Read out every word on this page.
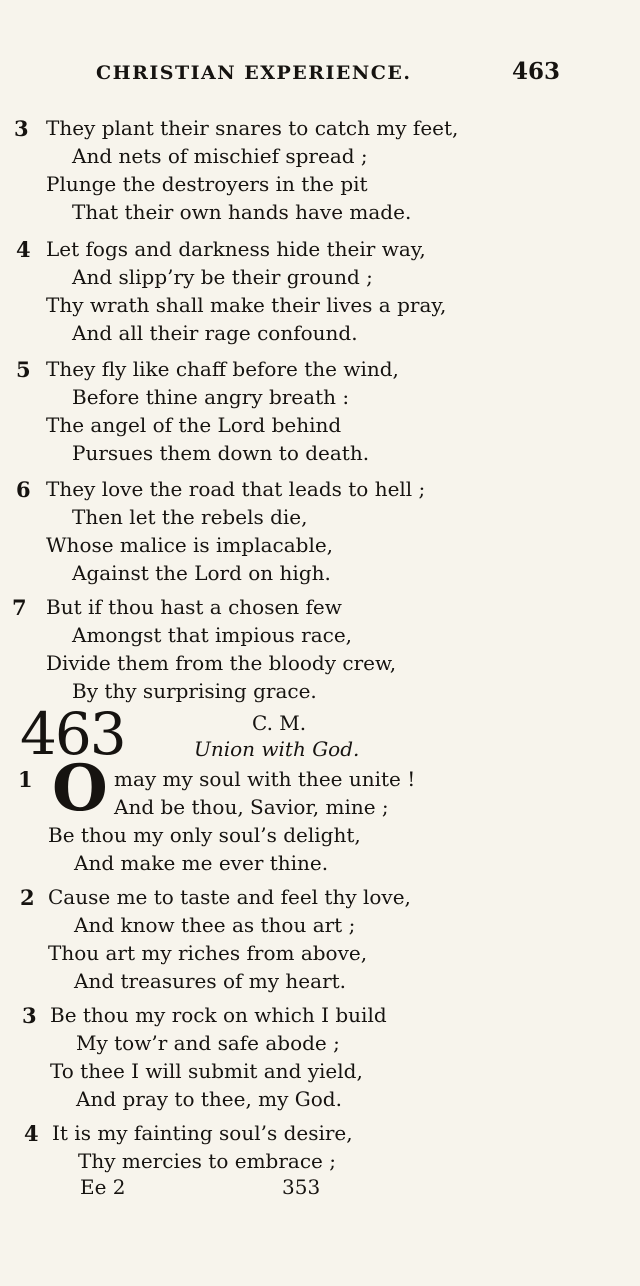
CHRISTIAN EXPERIENCE.	463
3 They plant their snares to catch my feet,
And nets of mischief spread ;
Plunge the destroyers in the pit
That their own hands have made.
4 Let fogs and darkness hide their way,
And slipp’ry be their ground ;
Thy wrath shall make their lives a pray,
And all their rage confound.
5 They fly like chaff before the wind,
Before thine angry breath :
The angel of the Lord behind
Pursues them down to death.
6 They love the road that leads to hell ;
Then let the rebels die,
Whose malice is implacable,
Against the Lord on high.
7 But if thou hast a chosen few
Amongst that impious race,
Divide them from the bloody crew,
By thy surprising grace.
463	C. M.
Union with God.
1 O may my soul with thee unite !
And be thou, Savior, mine ;
Be thou my only soul’s delight,
And make me ever thine.
2 Cause me to taste and feel thy love,
And know thee as thou art ;
Thou art my riches from above,
And treasures of my heart.
3 Be thou my rock on which I build
My tow’r and safe abode ;
To thee I will submit and yield,
And pray to thee, my God.
4 It is my fainting soul’s desire,
Thy mercies to embrace ;
Ee 2	353
